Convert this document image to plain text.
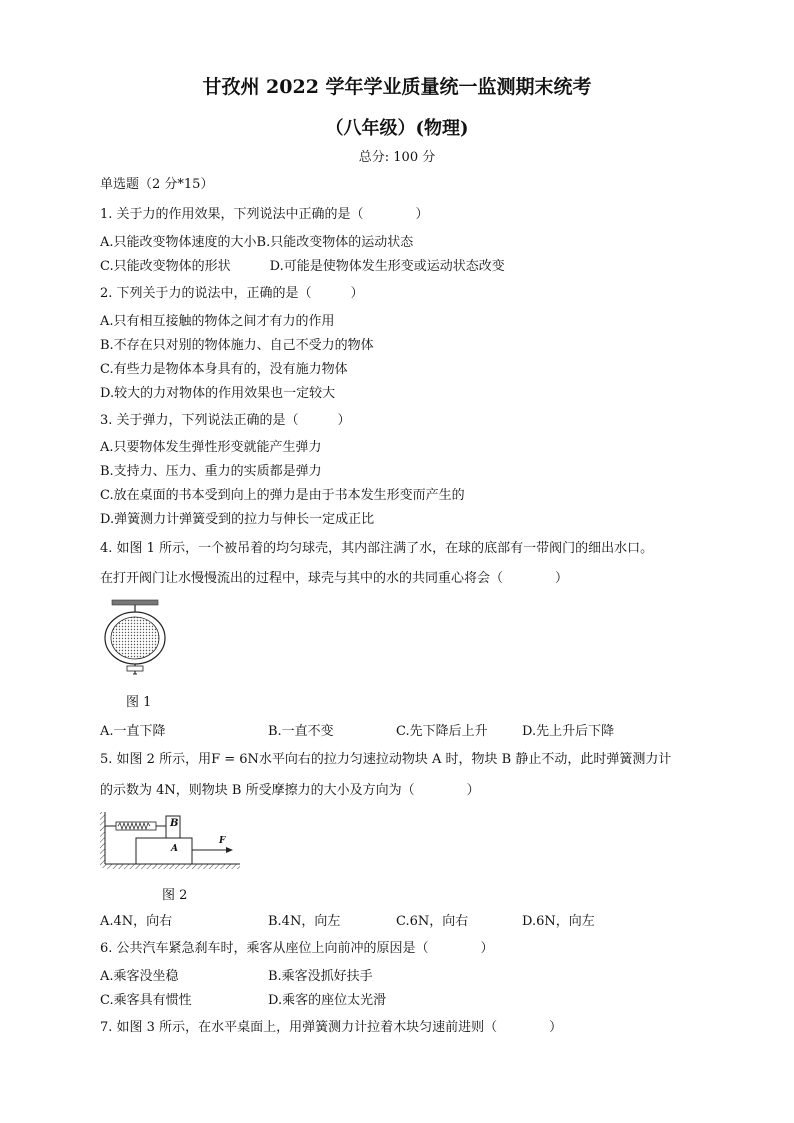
甘孜州 2022 学年学业质量统一监测期末统考
（八年级）(物理)
总分: 100 分
单选题（2 分*15）
1. 关于力的作用效果，下列说法中正确的是（　　　　）
A.只能改变物体速度的大小B.只能改变物体的运动状态
C.只能改变物体的形状　　　D.可能是使物体发生形变或运动状态改变
2. 下列关于力的说法中，正确的是（　　　）
A.只有相互接触的物体之间才有力的作用
B.不存在只对别的物体施力、自己不受力的物体
C.有些力是物体本身具有的，没有施力物体
D.较大的力对物体的作用效果也一定较大
3. 关于弹力，下列说法正确的是（　　　）
A.只要物体发生弹性形变就能产生弹力
B.支持力、压力、重力的实质都是弹力
C.放在桌面的书本受到向上的弹力是由于书本发生形变而产生的
D.弹簧测力计弹簧受到的拉力与伸长一定成正比
4. 如图 1 所示，一个被吊着的均匀球壳，其内部注满了水，在球的底部有一带阀门的细出水口。
在打开阀门让水慢慢流出的过程中，球壳与其中的水的共同重心将会（　　　　）
图 1
A.一直下降	B.一直不变	C.先下降后上升	D.先上升后下降
5. 如图 2 所示，用F = 6N水平向右的拉力匀速拉动物块 A 时，物块 B 静止不动，此时弹簧测力计
的示数为 4N，则物块 B 所受摩擦力的大小及方向为（　　　　）
B
A
F
图 2
A.4N，向右	B.4N，向左	C.6N，向右	D.6N，向左
6. 公共汽车紧急刹车时，乘客从座位上向前冲的原因是（　　　　）
A.乘客没坐稳	B.乘客没抓好扶手
C.乘客具有惯性	D.乘客的座位太光滑
7. 如图 3 所示，在水平桌面上，用弹簧测力计拉着木块匀速前进则（　　　　）
